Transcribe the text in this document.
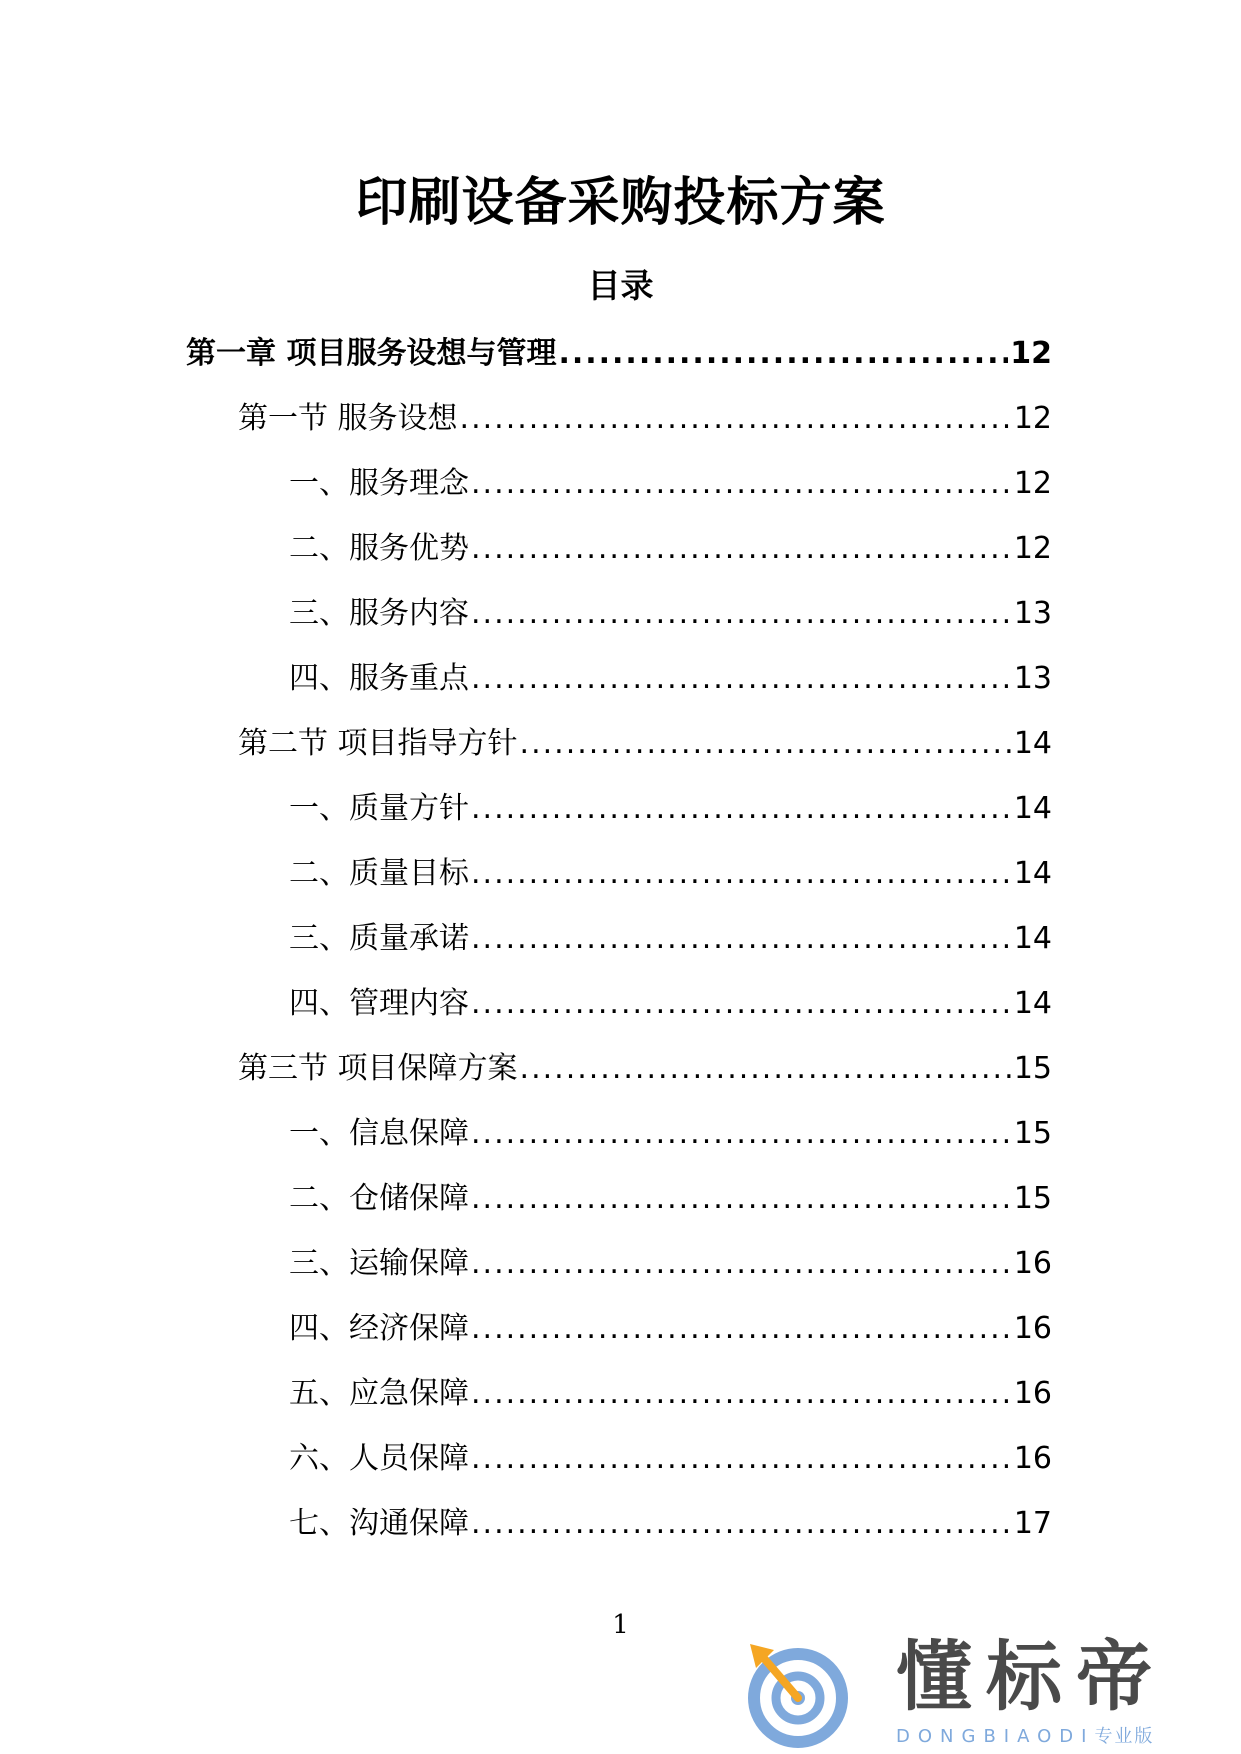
印刷设备采购投标方案
目录
第一章 项目服务设想与管理 .....	12
第一节 服务设想 .....	12
一、服务理念 .....	12
二、服务优势 .....	12
三、服务内容 .....	13
四、服务重点 .....	13
第二节 项目指导方针 .....	14
一、质量方针 .....	14
二、质量目标 .....	14
三、质量承诺 .....	14
四、管理内容 .....	14
第三节 项目保障方案 .....	15
一、信息保障 .....	15
二、仓储保障 .....	15
三、运输保障 .....	16
四、经济保障 .....	16
五、应急保障 .....	16
六、人员保障 .....	16
七、沟通保障 .....	17
1
懂标帝
DONGBIAODI专业版
